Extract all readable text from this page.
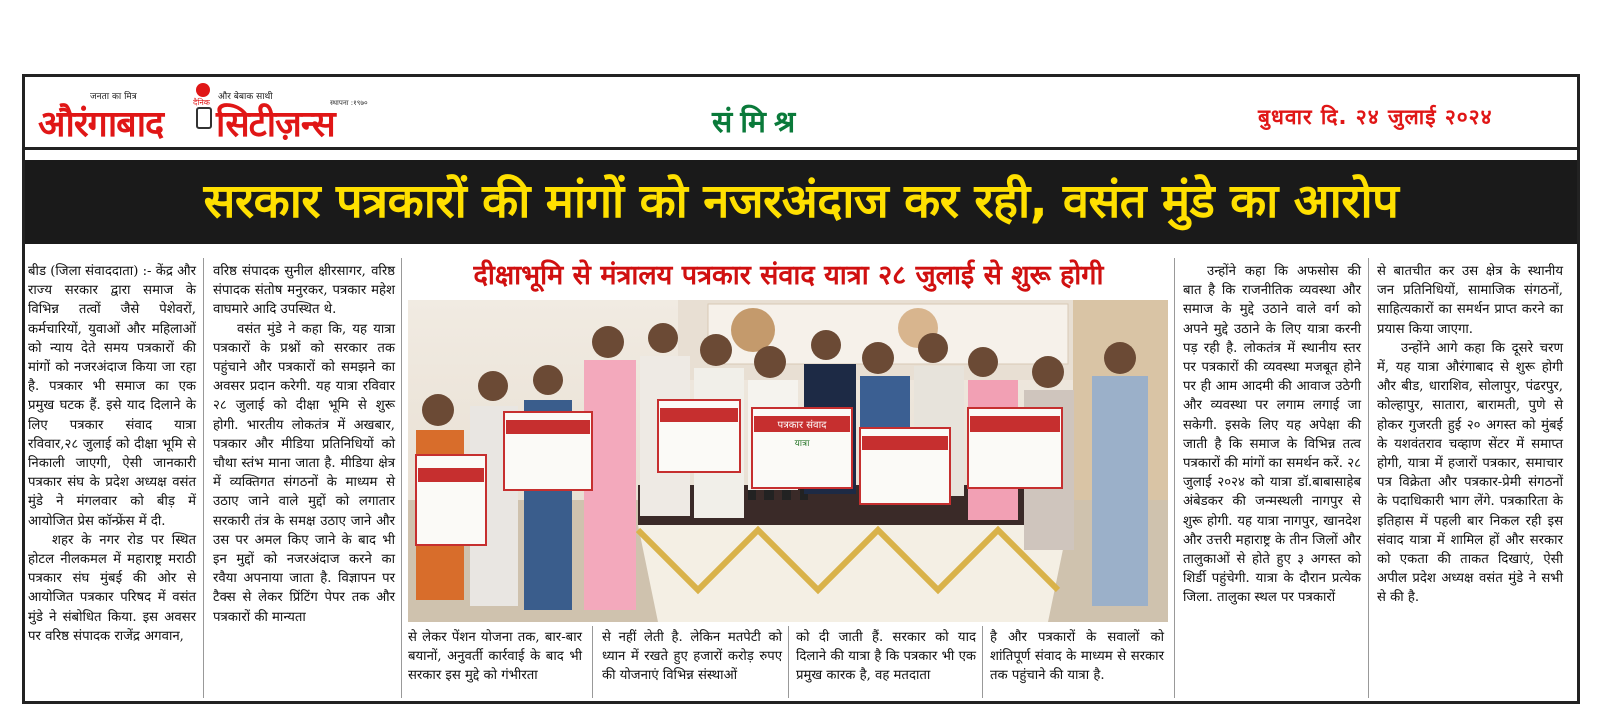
जनता का मित्र	और बेबाक साथी
औरंगाबाद
दैनिक
सिटीज़न्स
स्थापना :१९७०
संमिश्र	बुधवार दि. २४ जुलाई २०२४
सरकार पत्रकारों की मांगों को नजरअंदाज कर रही, वसंत मुंडे का आरोप

बीड (जिला संवाददाता) :- केंद्र और राज्य सरकार द्वारा समाज के विभिन्न तत्वों जैसे पेशेवरों, कर्मचारियों, युवाओं और महिलाओं को न्याय देते समय पत्रकारों की मांगों को नजरअंदाज किया जा रहा है. पत्रकार भी समाज का एक प्रमुख घटक हैं. इसे याद दिलाने के लिए पत्रकार संवाद यात्रा रविवार,२८ जुलाई को दीक्षा भूमि से निकाली जाएगी, ऐसी जानकारी पत्रकार संघ के प्रदेश अध्यक्ष वसंत मुंडे ने मंगलवार को बीड़ में आयोजित प्रेस कॉन्फ्रेंस में दी.

शहर के नगर रोड पर स्थित होटल नीलकमल में महाराष्ट्र मराठी पत्रकार संघ मुंबई की ओर से आयोजित पत्रकार परिषद में वसंत मुंडे ने संबोधित किया. इस अवसर पर वरिष्ठ संपादक राजेंद्र अगवान,

वरिष्ठ संपादक सुनील क्षीरसागर, वरिष्ठ संपादक संतोष मनुरकर, पत्रकार महेश वाघमारे आदि उपस्थित थे.

वसंत मुंडे ने कहा कि, यह यात्रा पत्रकारों के प्रश्नों को सरकार तक पहुंचाने और पत्रकारों को समझने का अवसर प्रदान करेगी. यह यात्रा रविवार २८ जुलाई को दीक्षा भूमि से शुरू होगी. भारतीय लोकतंत्र में अखबार, पत्रकार और मीडिया प्रतिनिधियों को चौथा स्तंभ माना जाता है. मीडिया क्षेत्र में व्यक्तिगत संगठनों के माध्यम से उठाए जाने वाले मुद्दों को लगातार सरकारी तंत्र के समक्ष उठाए जाने और उस पर अमल किए जाने के बाद भी इन मुद्दों को नजरअंदाज करने का रवैया अपनाया जाता है. विज्ञापन पर टैक्स से लेकर प्रिंटिंग पेपर तक और पत्रकारों की मान्यता

दीक्षाभूमि से मंत्रालय पत्रकार संवाद यात्रा २८ जुलाई से शुरू होगी
पत्रकार संवाद
यात्रा
से लेकर पेंशन योजना तक, बार-बार बयानों, अनुवर्ती कार्रवाई के बाद भी सरकार इस मुद्दे को गंभीरता
से नहीं लेती है. लेकिन मतपेटी को ध्यान में रखते हुए हजारों करोड़ रुपए की योजनाएं विभिन्न संस्थाओं
को दी जाती हैं. सरकार को याद दिलाने की यात्रा है कि पत्रकार भी एक प्रमुख कारक है, वह मतदाता
है और पत्रकारों के सवालों को शांतिपूर्ण संवाद के माध्यम से सरकार तक पहुंचाने की यात्रा है.

उन्होंने कहा कि अफसोस की बात है कि राजनीतिक व्यवस्था और समाज के मुद्दे उठाने वाले वर्ग को अपने मुद्दे उठाने के लिए यात्रा करनी पड़ रही है. लोकतंत्र में स्थानीय स्तर पर पत्रकारों की व्यवस्था मजबूत होने पर ही आम आदमी की आवाज उठेगी और व्यवस्था पर लगाम लगाई जा सकेगी. इसके लिए यह अपेक्षा की जाती है कि समाज के विभिन्न तत्व पत्रकारों की मांगों का समर्थन करें. २८ जुलाई २०२४ को यात्रा डॉ.बाबासाहेब अंबेडकर की जन्मस्थली नागपुर से शुरू होगी. यह यात्रा नागपुर, खानदेश और उत्तरी महाराष्ट्र के तीन जिलों और तालुकाओं से होते हुए ३ अगस्त को शिर्डी पहुंचेगी. यात्रा के दौरान प्रत्येक जिला. तालुका स्थल पर पत्रकारों

से बातचीत कर उस क्षेत्र के स्थानीय जन प्रतिनिधियों, सामाजिक संगठनों, साहित्यकारों का समर्थन प्राप्त करने का प्रयास किया जाएगा.

उन्होंने आगे कहा कि दूसरे चरण में, यह यात्रा औरंगाबाद से शुरू होगी और बीड, धाराशिव, सोलापुर, पंढरपुर, कोल्हापुर, सातारा, बारामती, पुणे से होकर गुजरती हुई २० अगस्त को मुंबई के यशवंतराव चव्हाण सेंटर में समाप्त होगी, यात्रा में हजारों पत्रकार, समाचार पत्र विक्रेता और पत्रकार-प्रेमी संगठनों के पदाधिकारी भाग लेंगे. पत्रकारिता के इतिहास में पहली बार निकल रही इस संवाद यात्रा में शामिल हों और सरकार को एकता की ताकत दिखाएं, ऐसी अपील प्रदेश अध्यक्ष वसंत मुंडे ने सभी से की है.
